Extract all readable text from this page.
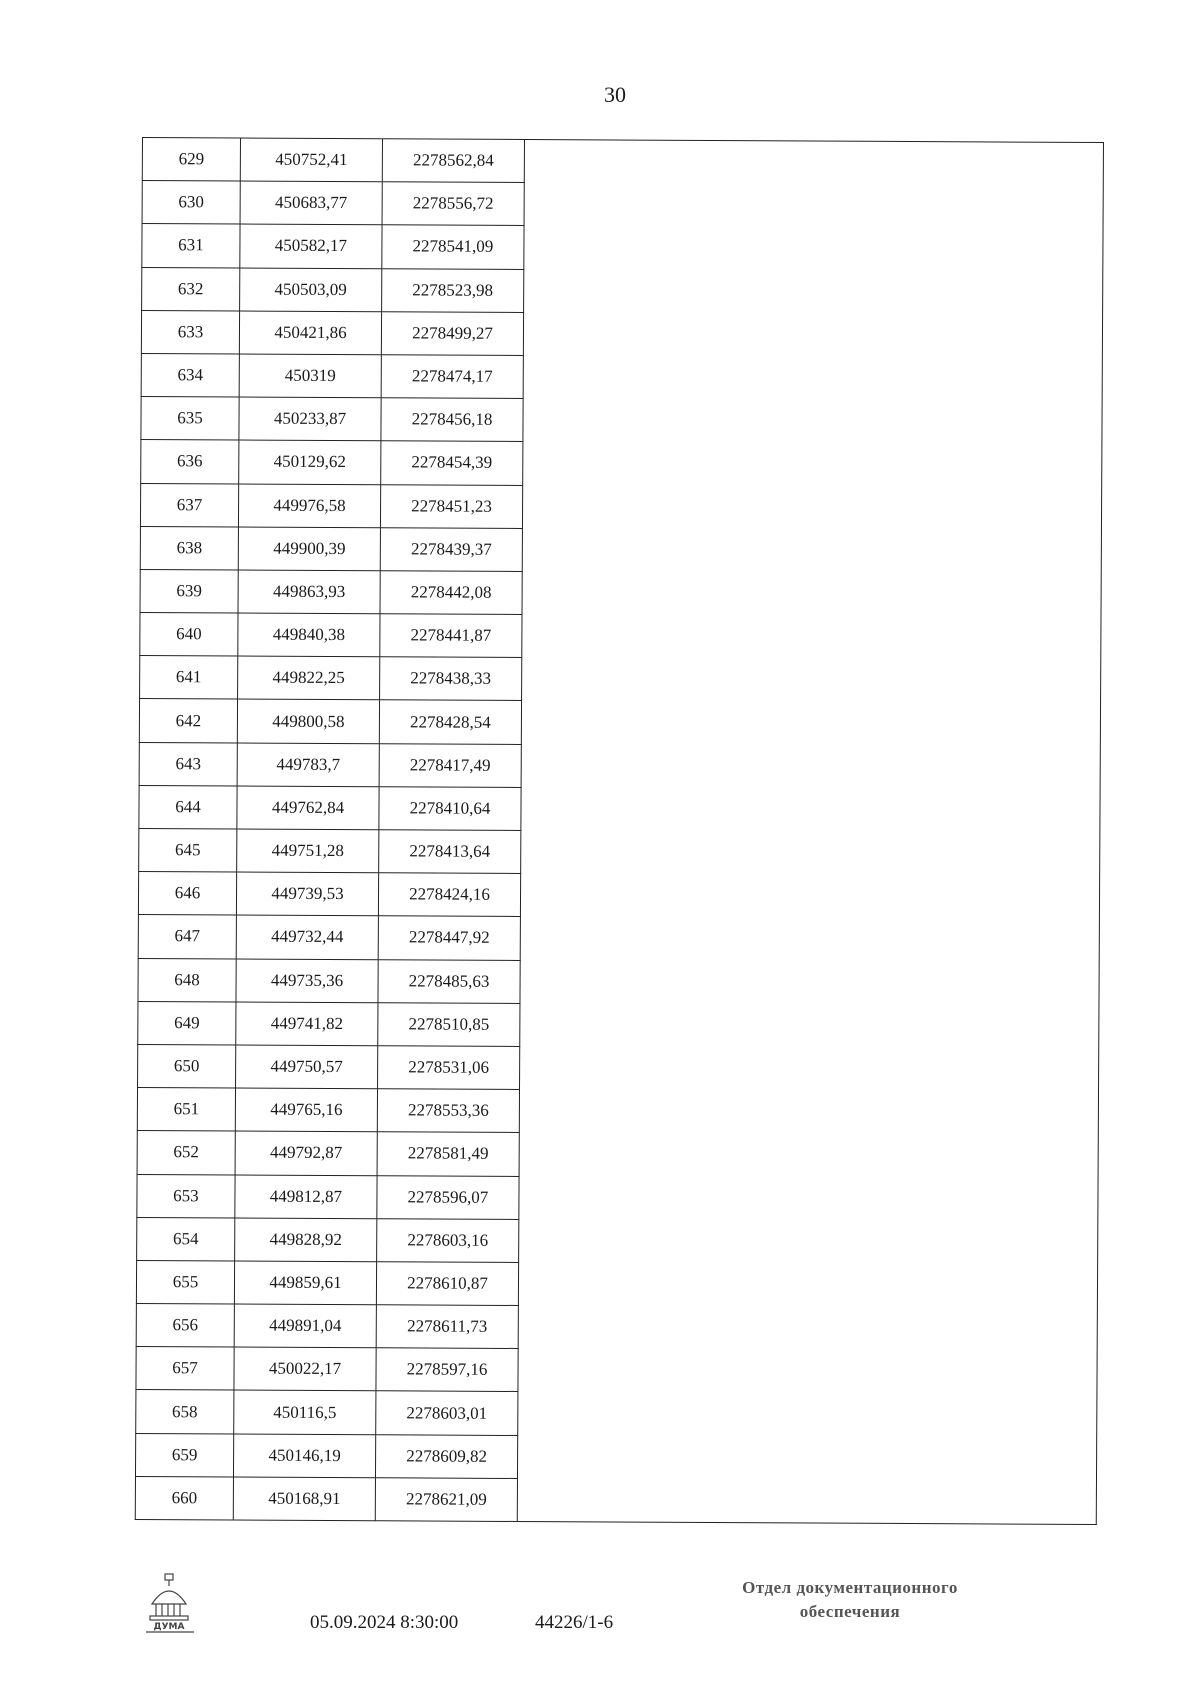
30
629	450752,41	2278562,84	
630	450683,77	2278556,72	
631	450582,17	2278541,09	
632	450503,09	2278523,98	
633	450421,86	2278499,27	
634	450319	2278474,17	
635	450233,87	2278456,18	
636	450129,62	2278454,39	
637	449976,58	2278451,23	
638	449900,39	2278439,37	
639	449863,93	2278442,08	
640	449840,38	2278441,87	
641	449822,25	2278438,33	
642	449800,58	2278428,54	
643	449783,7	2278417,49	
644	449762,84	2278410,64	
645	449751,28	2278413,64	
646	449739,53	2278424,16	
647	449732,44	2278447,92	
648	449735,36	2278485,63	
649	449741,82	2278510,85	
650	449750,57	2278531,06	
651	449765,16	2278553,36	
652	449792,87	2278581,49	
653	449812,87	2278596,07	
654	449828,92	2278603,16	
655	449859,61	2278610,87	
656	449891,04	2278611,73	
657	450022,17	2278597,16	
658	450116,5	2278603,01	
659	450146,19	2278609,82	
660	450168,91	2278621,09	
ДУМА	05.09.2024 8:30:00	44226/1-6
Отдел документационного
обеспечения
